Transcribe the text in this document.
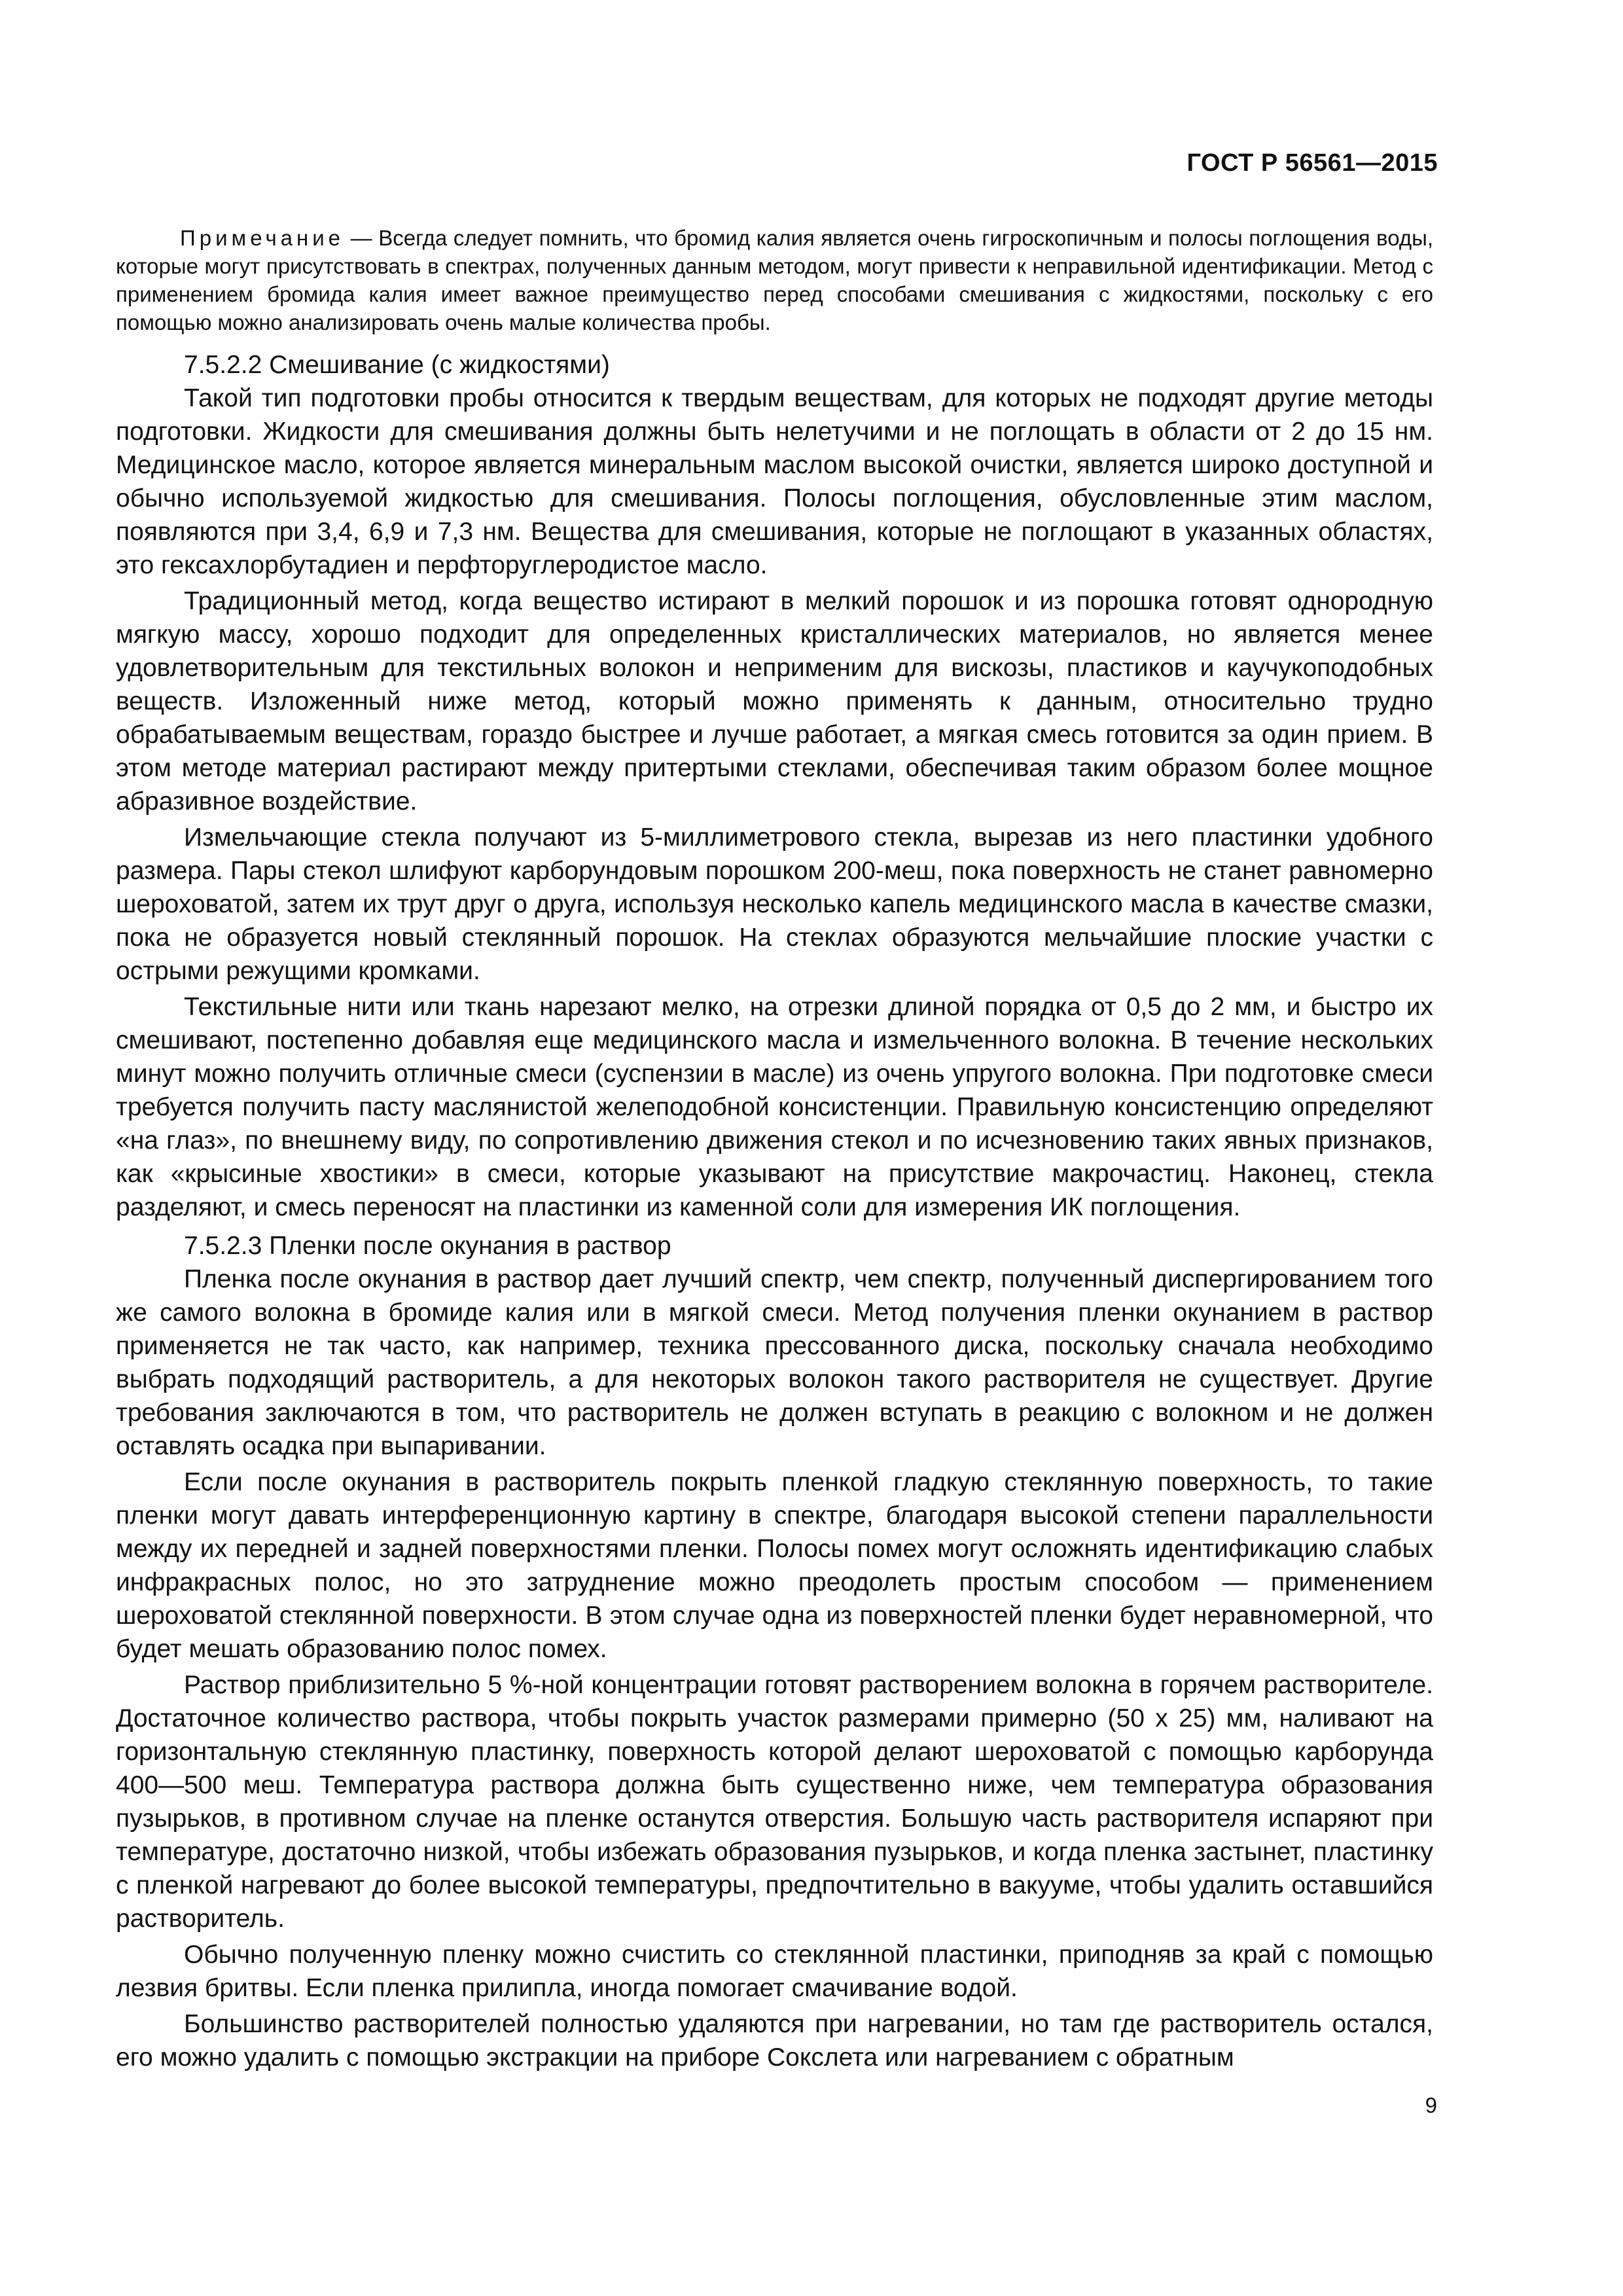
ГОСТ Р 56561—2015

Примечание — Всегда следует помнить, что бромид калия является очень гигроскопичным и полосы поглощения воды, которые могут присутствовать в спектрах, полученных данным методом, могут привести к неправильной идентификации. Метод с применением бромида калия имеет важное преимущество перед способами смешивания с жидкостями, поскольку с его помощью можно анализировать очень малые количества пробы.

7.5.2.2 Смешивание (с жидкостями)

Такой тип подготовки пробы относится к твердым веществам, для которых не подходят другие методы подготовки. Жидкости для смешивания должны быть нелетучими и не поглощать в области от 2 до 15 нм. Медицинское масло, которое является минеральным маслом высокой очистки, является широко доступной и обычно используемой жидкостью для смешивания. Полосы поглощения, обусловленные этим маслом, появляются при 3,4, 6,9 и 7,3 нм. Вещества для смешивания, которые не поглощают в указанных областях, это гексахлорбутадиен и перфторуглеродистое масло.

Традиционный метод, когда вещество истирают в мелкий порошок и из порошка готовят однородную мягкую массу, хорошо подходит для определенных кристаллических материалов, но является менее удовлетворительным для текстильных волокон и неприменим для вискозы, пластиков и каучукоподобных веществ. Изложенный ниже метод, который можно применять к данным, относительно трудно обрабатываемым веществам, гораздо быстрее и лучше работает, а мягкая смесь готовится за один прием. В этом методе материал растирают между притертыми стеклами, обеспечивая таким образом более мощное абразивное воздействие.

Измельчающие стекла получают из 5-миллиметрового стекла, вырезав из него пластинки удобного размера. Пары стекол шлифуют карборундовым порошком 200-меш, пока поверхность не станет равномерно шероховатой, затем их трут друг о друга, используя несколько капель медицинского масла в качестве смазки, пока не образуется новый стеклянный порошок. На стеклах образуются мельчайшие плоские участки с острыми режущими кромками.

Текстильные нити или ткань нарезают мелко, на отрезки длиной порядка от 0,5 до 2 мм, и быстро их смешивают, постепенно добавляя еще медицинского масла и измельченного волокна. В течение нескольких минут можно получить отличные смеси (суспензии в масле) из очень упругого волокна. При подготовке смеси требуется получить пасту маслянистой желеподобной консистенции. Правильную консистенцию определяют «на глаз», по внешнему виду, по сопротивлению движения стекол и по исчезновению таких явных признаков, как «крысиные хвостики» в смеси, которые указывают на присутствие макрочастиц. Наконец, стекла разделяют, и смесь переносят на пластинки из каменной соли для измерения ИК поглощения.

7.5.2.3 Пленки после окунания в раствор

Пленка после окунания в раствор дает лучший спектр, чем спектр, полученный диспергированием того же самого волокна в бромиде калия или в мягкой смеси. Метод получения пленки окунанием в раствор применяется не так часто, как например, техника прессованного диска, поскольку сначала необходимо выбрать подходящий растворитель, а для некоторых волокон такого растворителя не существует. Другие требования заключаются в том, что растворитель не должен вступать в реакцию с волокном и не должен оставлять осадка при выпаривании.

Если после окунания в растворитель покрыть пленкой гладкую стеклянную поверхность, то такие пленки могут давать интерференционную картину в спектре, благодаря высокой степени параллельности между их передней и задней поверхностями пленки. Полосы помех могут осложнять идентификацию слабых инфракрасных полос, но это затруднение можно преодолеть простым способом — применением шероховатой стеклянной поверхности. В этом случае одна из поверхностей пленки будет неравномерной, что будет мешать образованию полос помех.

Раствор приблизительно 5 %-ной концентрации готовят растворением волокна в горячем растворителе. Достаточное количество раствора, чтобы покрыть участок размерами примерно (50 x 25) мм, наливают на горизонтальную стеклянную пластинку, поверхность которой делают шероховатой с помощью карборунда 400—500 меш. Температура раствора должна быть существенно ниже, чем температура образования пузырьков, в противном случае на пленке останутся отверстия. Большую часть растворителя испаряют при температуре, достаточно низкой, чтобы избежать образования пузырьков, и когда пленка застынет, пластинку с пленкой нагревают до более высокой температуры, предпочтительно в вакууме, чтобы удалить оставшийся растворитель.

Обычно полученную пленку можно счистить со стеклянной пластинки, приподняв за край с помощью лезвия бритвы. Если пленка прилипла, иногда помогает смачивание водой.

Большинство растворителей полностью удаляются при нагревании, но там где растворитель остался, его можно удалить с помощью экстракции на приборе Сокслета или нагреванием с обратным

9
